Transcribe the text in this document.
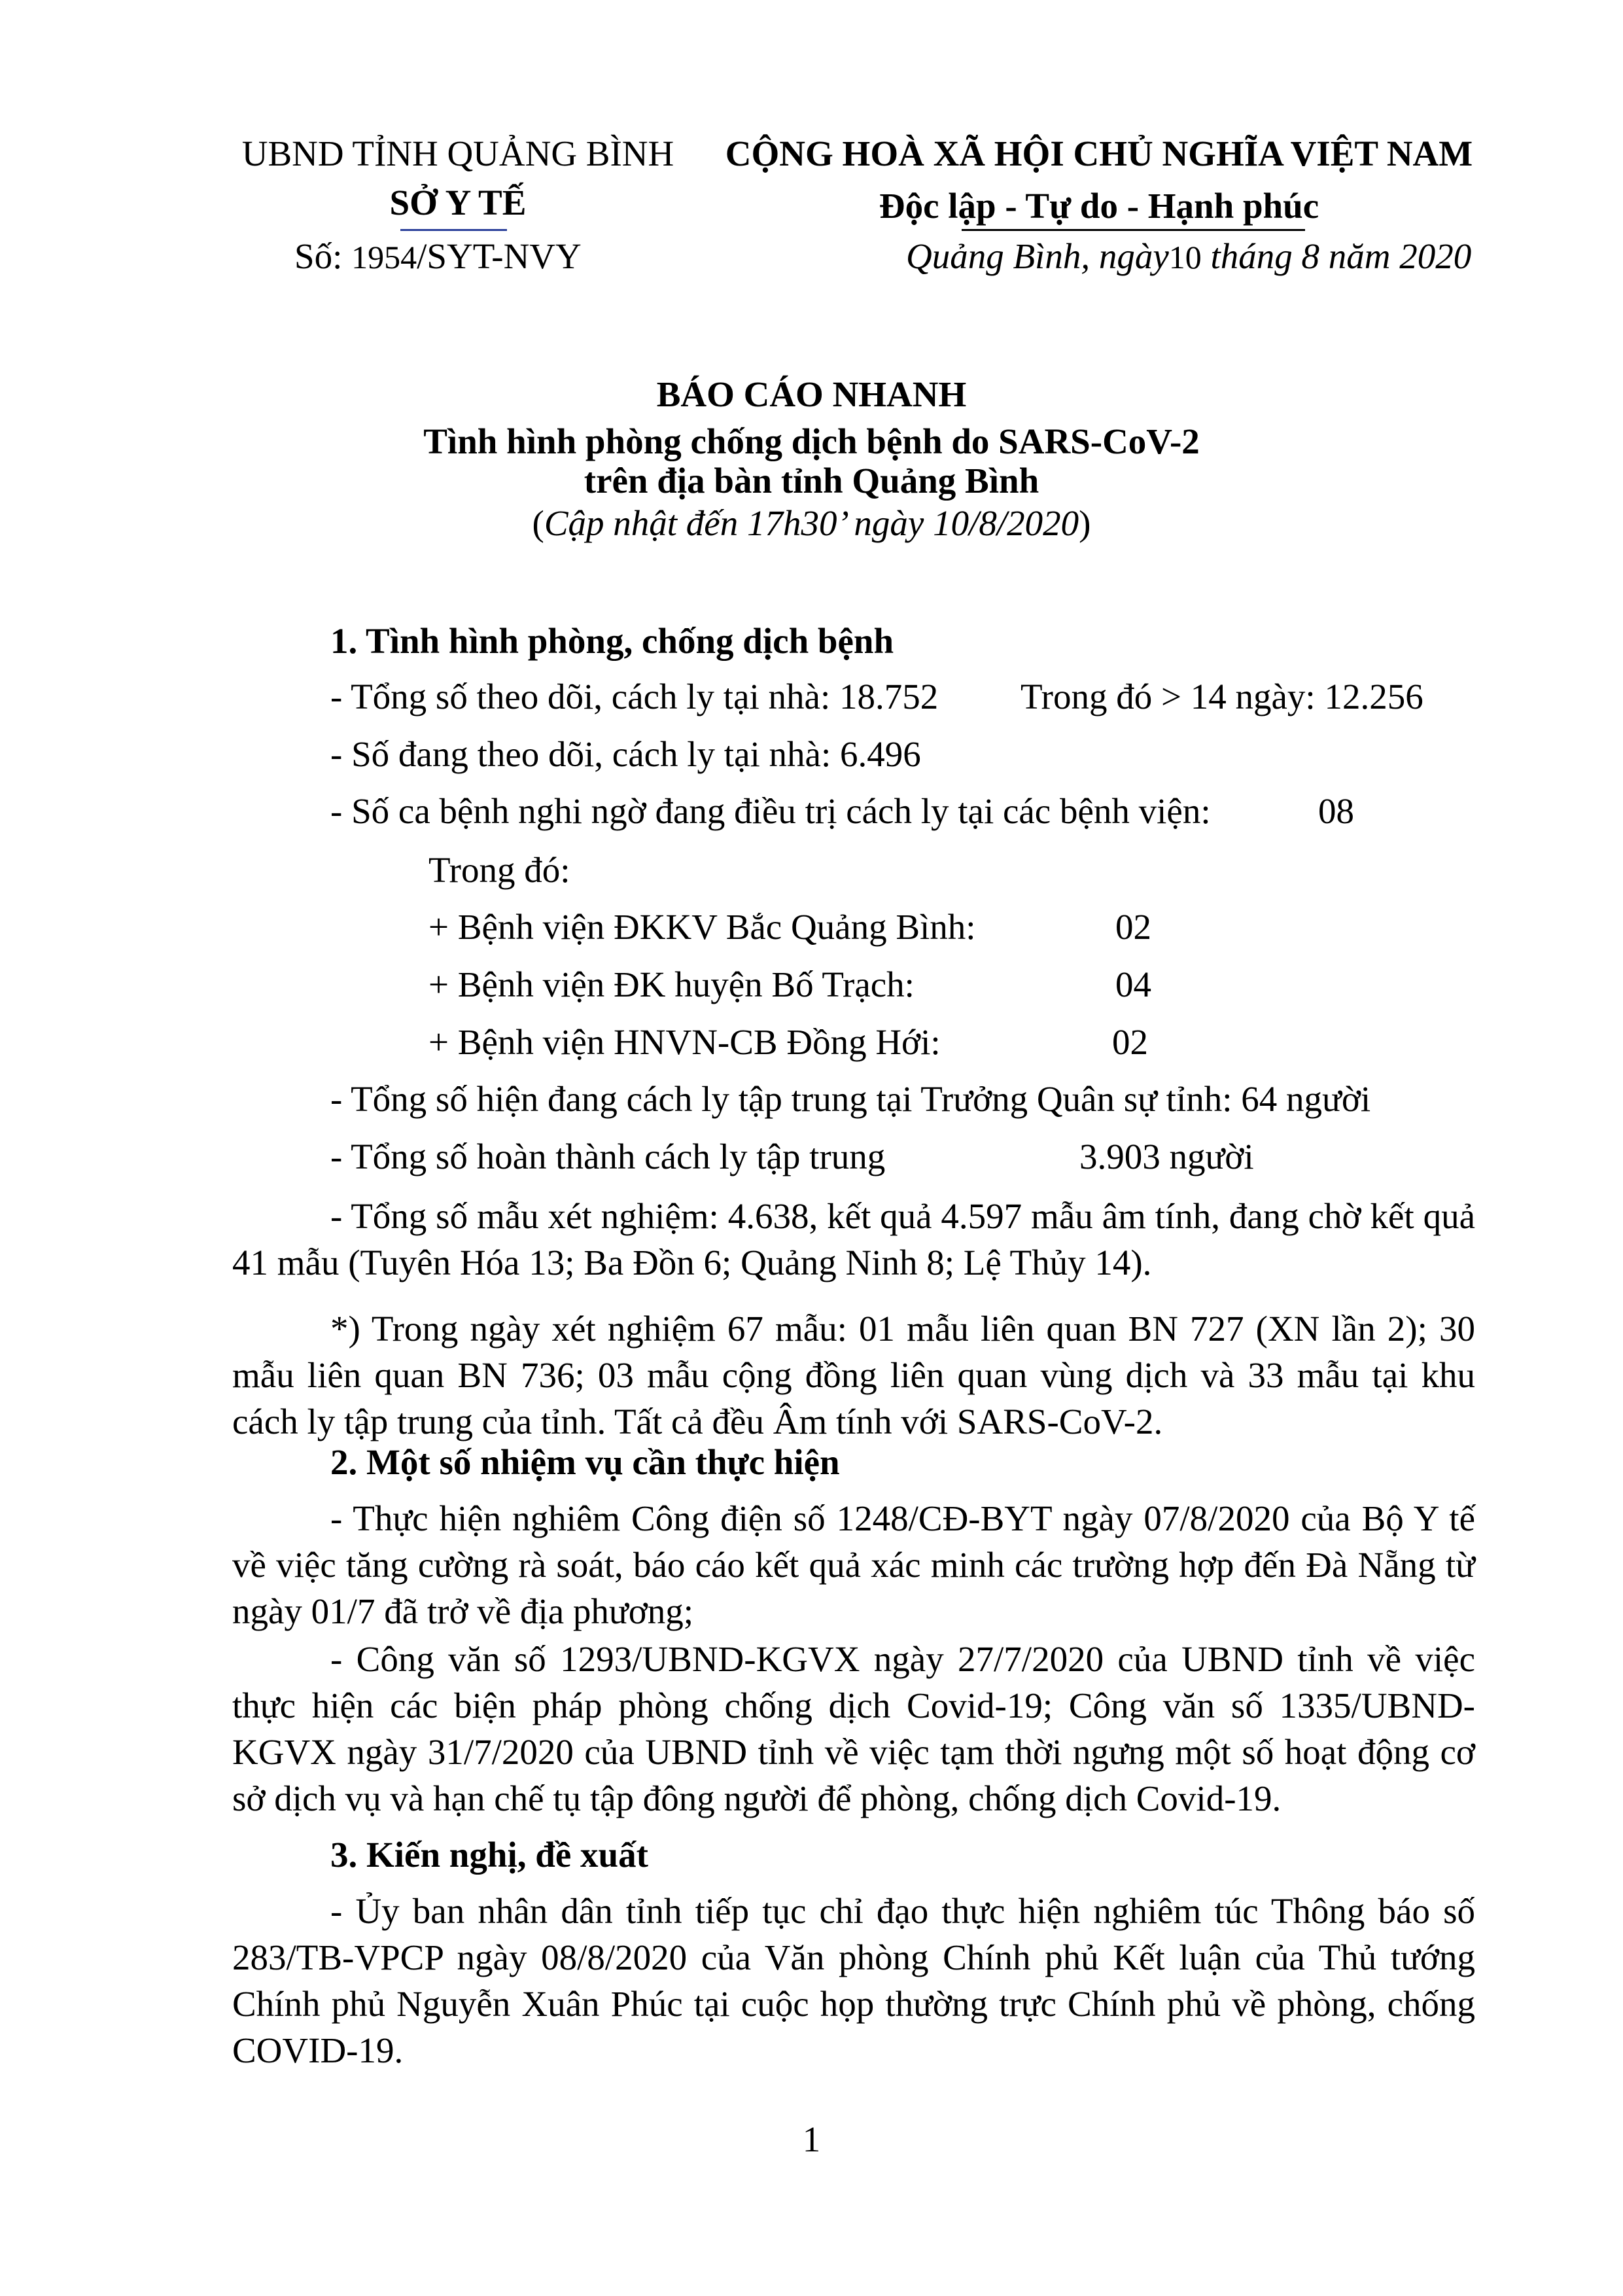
UBND TỈNH QUẢNG BÌNH
SỞ Y TẾ
Số: 1954/SYT-NVY
CỘNG HOÀ XÃ HỘI CHỦ NGHĨA VIỆT NAM
Độc lập - Tự do - Hạnh phúc
Quảng Bình, ngày10 tháng 8 năm 2020
BÁO CÁO NHANH
Tình hình phòng chống dịch bệnh do SARS-CoV-2
trên địa bàn tỉnh Quảng Bình
(Cập nhật đến 17h30’ ngày 10/8/2020)
1. Tình hình phòng, chống dịch bệnh
- Tổng số theo dõi, cách ly tại nhà: 18.752 Trong đó > 14 ngày: 12.256
- Số đang theo dõi, cách ly tại nhà: 6.496
- Số ca bệnh nghi ngờ đang điều trị cách ly tại các bệnh viện:	08
Trong đó:
+ Bệnh viện ĐKKV Bắc Quảng Bình:	02
+ Bệnh viện ĐK huyện Bố Trạch:	04
+ Bệnh viện HNVN-CB Đồng Hới:	02
- Tổng số hiện đang cách ly tập trung tại Trưởng Quân sự tỉnh: 64 người
- Tổng số hoàn thành cách ly tập trung	3.903 người

- Tổng số mẫu xét nghiệm: 4.638, kết quả 4.597 mẫu âm tính, đang chờ kết quả 41 mẫu (Tuyên Hóa 13; Ba Đồn 6; Quảng Ninh 8; Lệ Thủy 14).

*) Trong ngày xét nghiệm 67 mẫu: 01 mẫu liên quan BN 727 (XN lần 2); 30 mẫu liên quan BN 736; 03 mẫu cộng đồng liên quan vùng dịch và 33 mẫu tại khu cách ly tập trung của tỉnh. Tất cả đều Âm tính với SARS-CoV-2.

2. Một số nhiệm vụ cần thực hiện

- Thực hiện nghiêm Công điện số 1248/CĐ-BYT ngày 07/8/2020 của Bộ Y tế về việc tăng cường rà soát, báo cáo kết quả xác minh các trường hợp đến Đà Nẵng từ ngày 01/7 đã trở về địa phương;

- Công văn số 1293/UBND-KGVX ngày 27/7/2020 của UBND tỉnh về việc thực hiện các biện pháp phòng chống dịch Covid-19; Công văn số 1335/UBND-KGVX ngày 31/7/2020 của UBND tỉnh về việc tạm thời ngưng một số hoạt động cơ sở dịch vụ và hạn chế tụ tập đông người để phòng, chống dịch Covid-19.

3. Kiến nghị, đề xuất

- Ủy ban nhân dân tỉnh tiếp tục chỉ đạo thực hiện nghiêm túc Thông báo số 283/TB-VPCP ngày 08/8/2020 của Văn phòng Chính phủ Kết luận của Thủ tướng Chính phủ Nguyễn Xuân Phúc tại cuộc họp thường trực Chính phủ về phòng, chống COVID-19.

1
